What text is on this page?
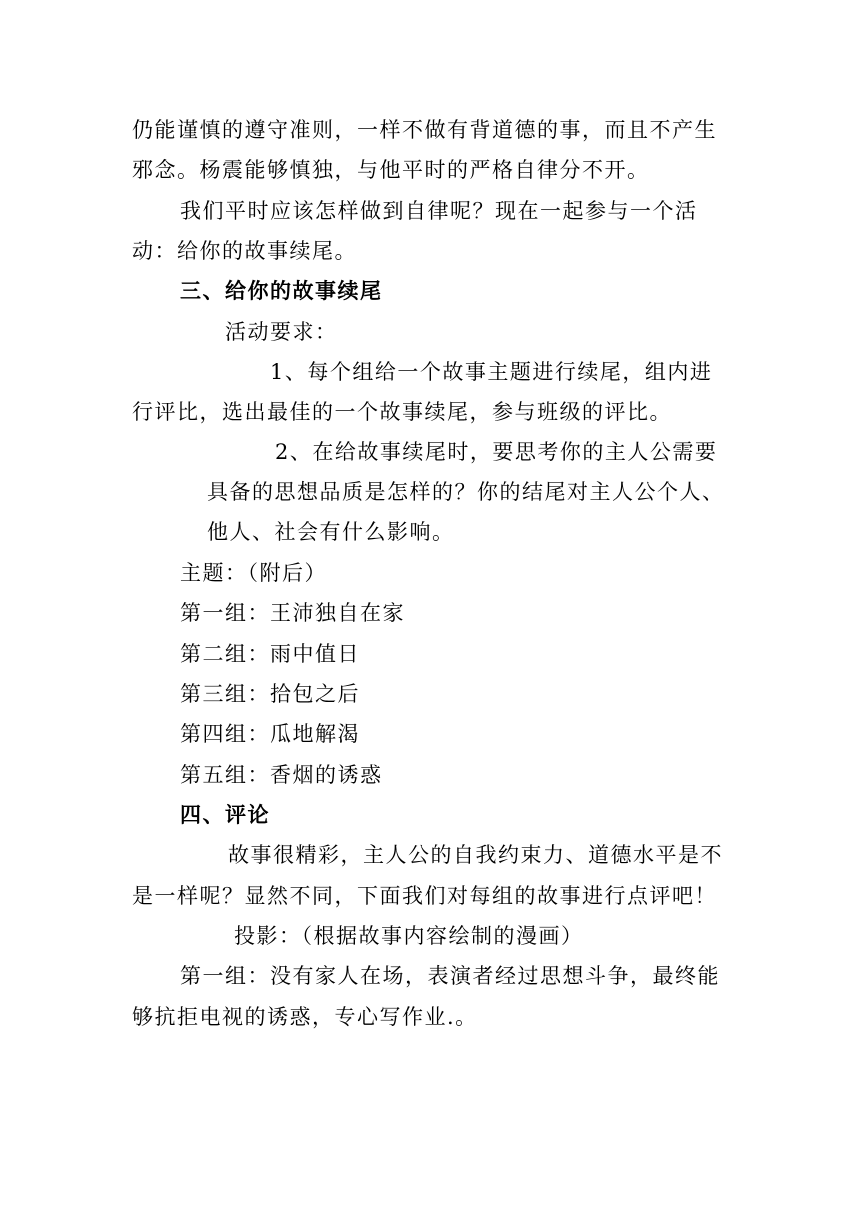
仍能谨慎的遵守准则，一样不做有背道德的事，而且不产生
邪念。杨震能够慎独，与他平时的严格自律分不开。
我们平时应该怎样做到自律呢？现在一起参与一个活
动：给你的故事续尾。
三、给你的故事续尾
活动要求：
1、每个组给一个故事主题进行续尾，组内进
行评比，选出最佳的一个故事续尾，参与班级的评比。
2、在给故事续尾时，要思考你的主人公需要
具备的思想品质是怎样的？你的结尾对主人公个人、
他人、社会有什么影响。
主题：（附后）
第一组：王沛独自在家
第二组：雨中值日
第三组：拾包之后
第四组：瓜地解渴
第五组：香烟的诱惑
四、评论
故事很精彩，主人公的自我约束力、道德水平是不
是一样呢？显然不同，下面我们对每组的故事进行点评吧！
投影：（根据故事内容绘制的漫画）
第一组：没有家人在场，表演者经过思想斗争，最终能
够抗拒电视的诱惑，专心写作业.。
